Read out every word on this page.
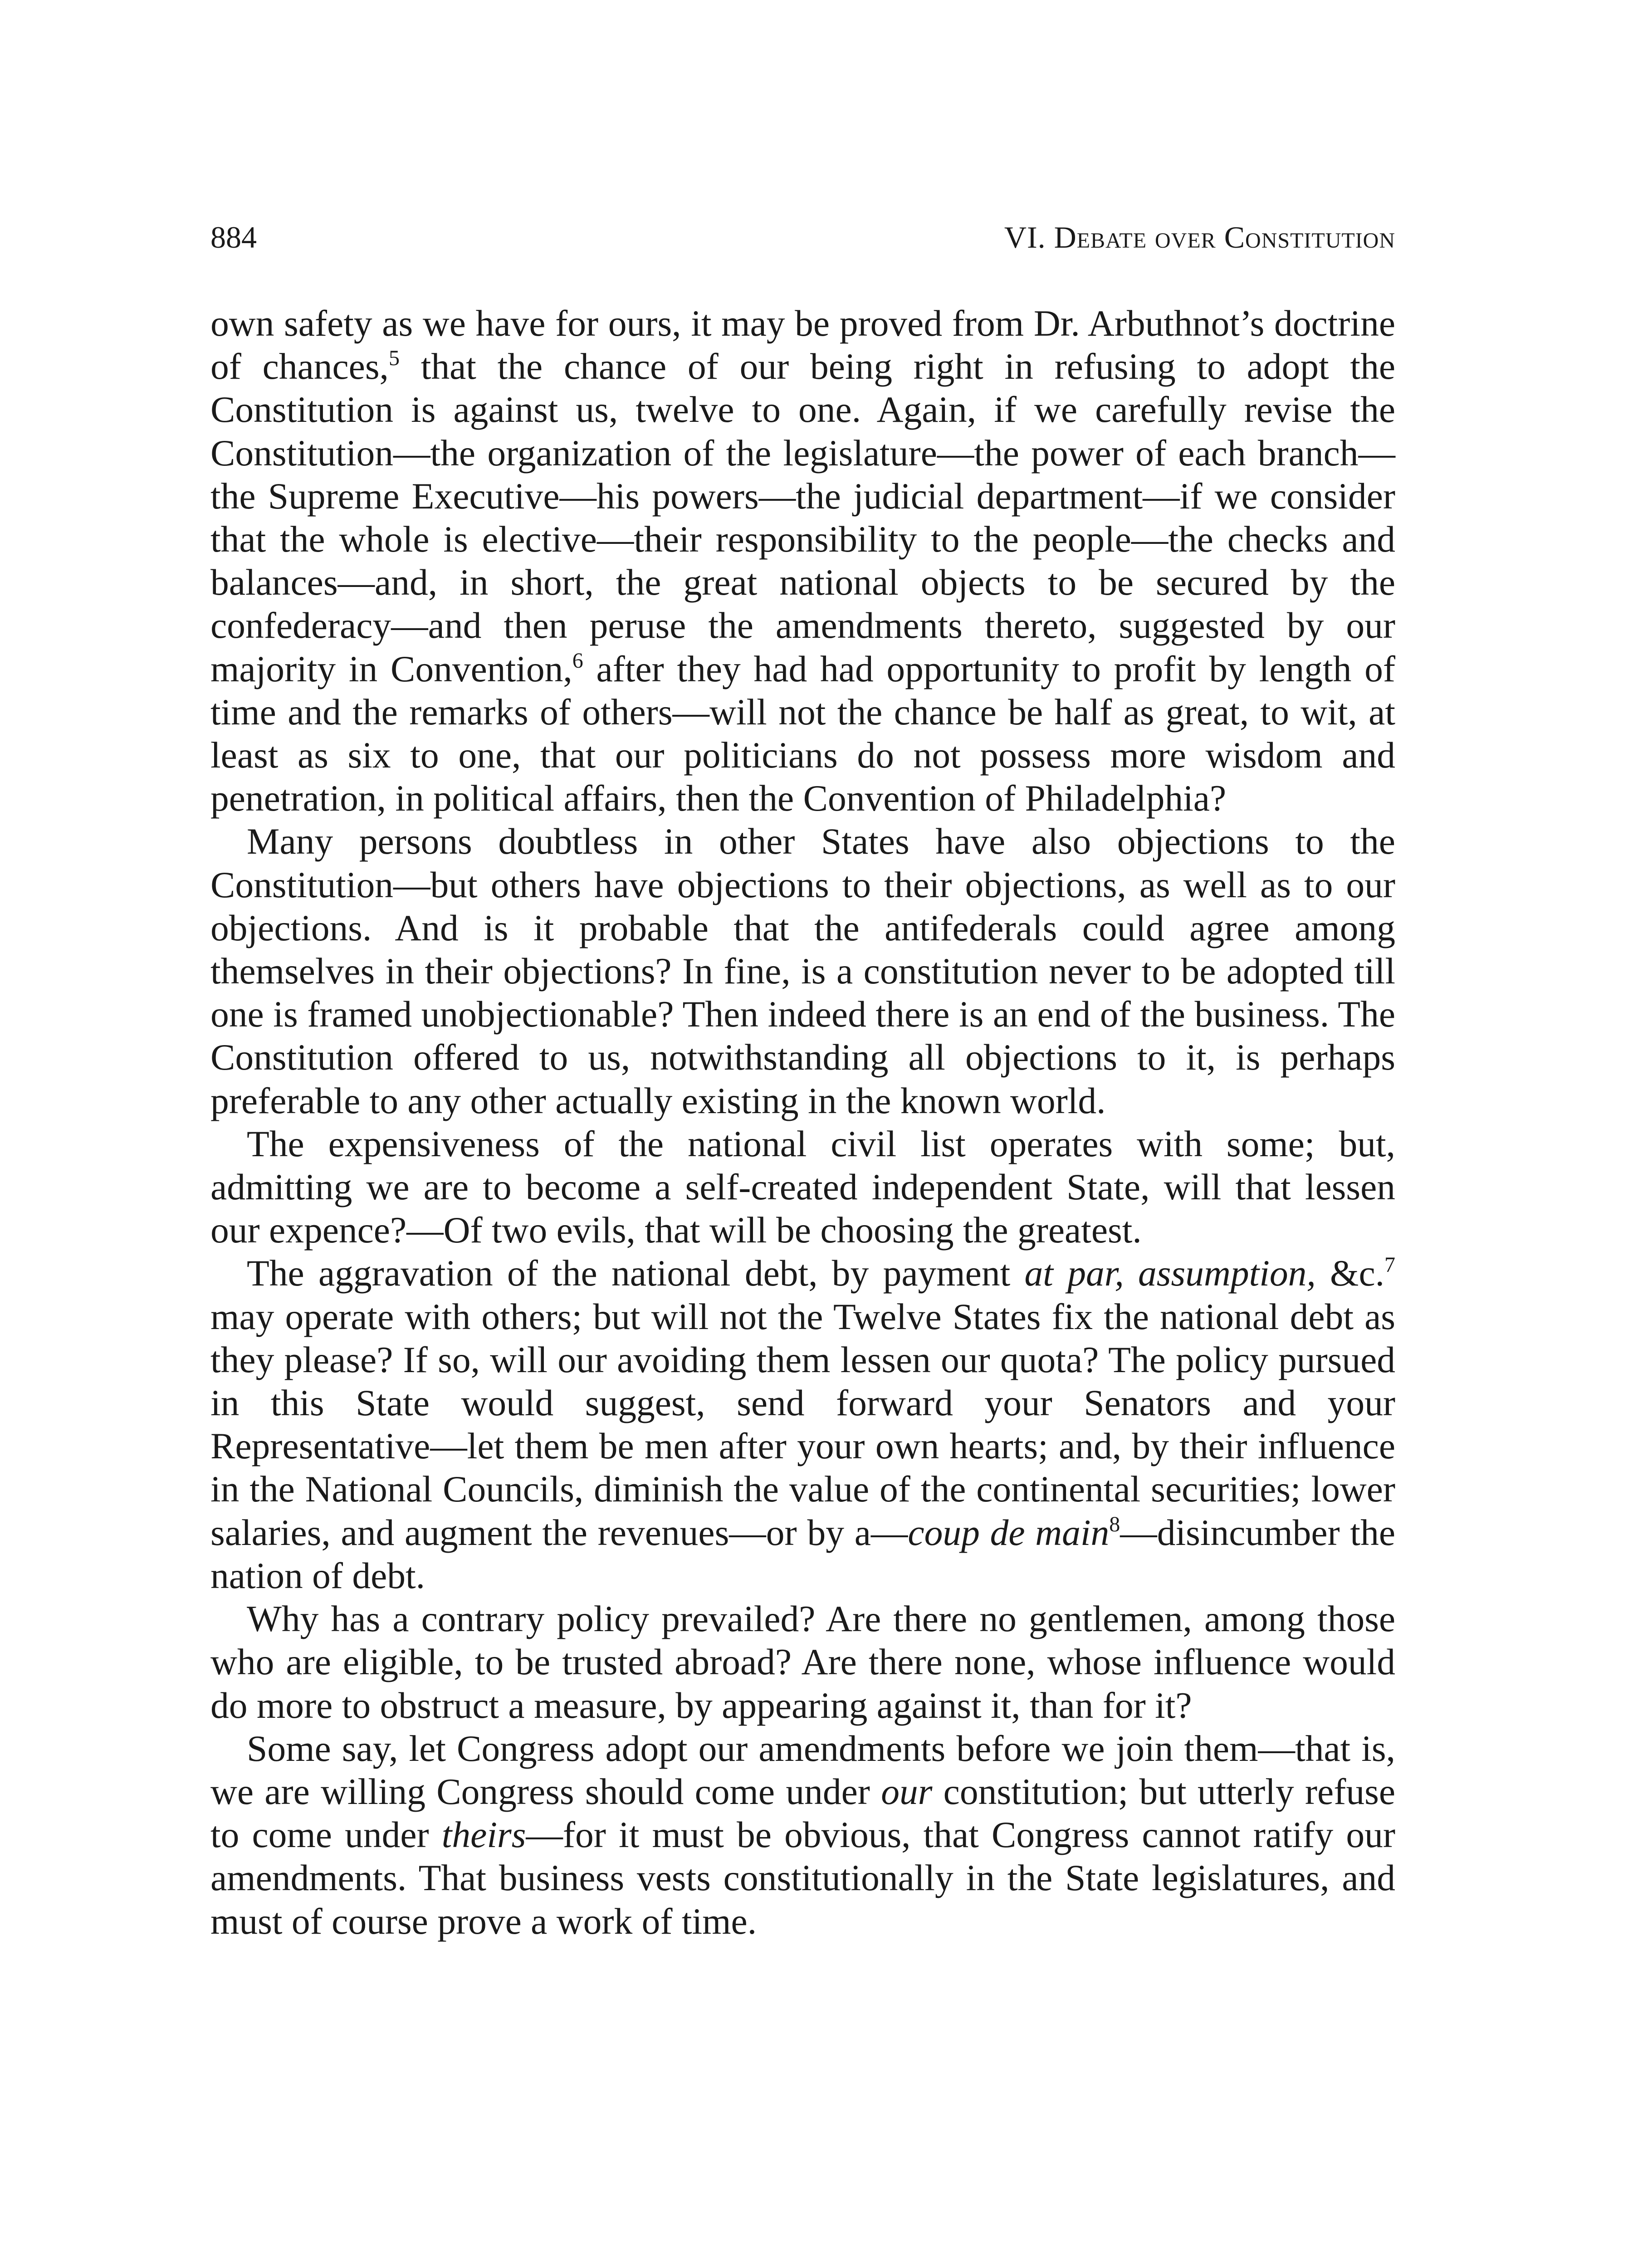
884	VI. Debate over Constitution

own safety as we have for ours, it may be proved from Dr. Arbuthnot’s doctrine of chances,$^5$ that the chance of our being right in refusing to adopt the Constitution is against us, twelve to one. Again, if we carefully revise the Constitution—the organization of the legislature—the power of each branch—the Supreme Executive—his powers—the judicial department—if we consider that the whole is elective—their responsibility to the people—the checks and balances—and, in short, the great national objects to be secured by the confederacy—and then peruse the amendments thereto, suggested by our majority in Convention,$^6$ after they had had opportunity to profit by length of time and the remarks of others—will not the chance be half as great, to wit, at least as six to one, that our politicians do not possess more wisdom and penetration, in political affairs, then the Convention of Philadelphia?

Many persons doubtless in other States have also objections to the Constitution—but others have objections to their objections, as well as to our objections. And is it probable that the antifederals could agree among themselves in their objections? In fine, is a constitution never to be adopted till one is framed unobjectionable? Then indeed there is an end of the business. The Constitution offered to us, notwithstanding all objections to it, is perhaps preferable to any other actually existing in the known world.

The expensiveness of the national civil list operates with some; but, admitting we are to become a self-created independent State, will that lessen our expence?—Of two evils, that will be choosing the greatest.

The aggravation of the national debt, by payment at par, assumption, &c.$^7$ may operate with others; but will not the Twelve States fix the national debt as they please? If so, will our avoiding them lessen our quota? The policy pursued in this State would suggest, send forward your Senators and your Representative—let them be men after your own hearts; and, by their influence in the National Councils, diminish the value of the continental securities; lower salaries, and augment the revenues—or by a—coup de main$^8$—disincumber the nation of debt.

Why has a contrary policy prevailed? Are there no gentlemen, among those who are eligible, to be trusted abroad? Are there none, whose influence would do more to obstruct a measure, by appearing against it, than for it?

Some say, let Congress adopt our amendments before we join them—that is, we are willing Congress should come under our constitution; but utterly refuse to come under theirs—for it must be obvious, that Congress cannot ratify our amendments. That business vests constitutionally in the State legislatures, and must of course prove a work of time.
